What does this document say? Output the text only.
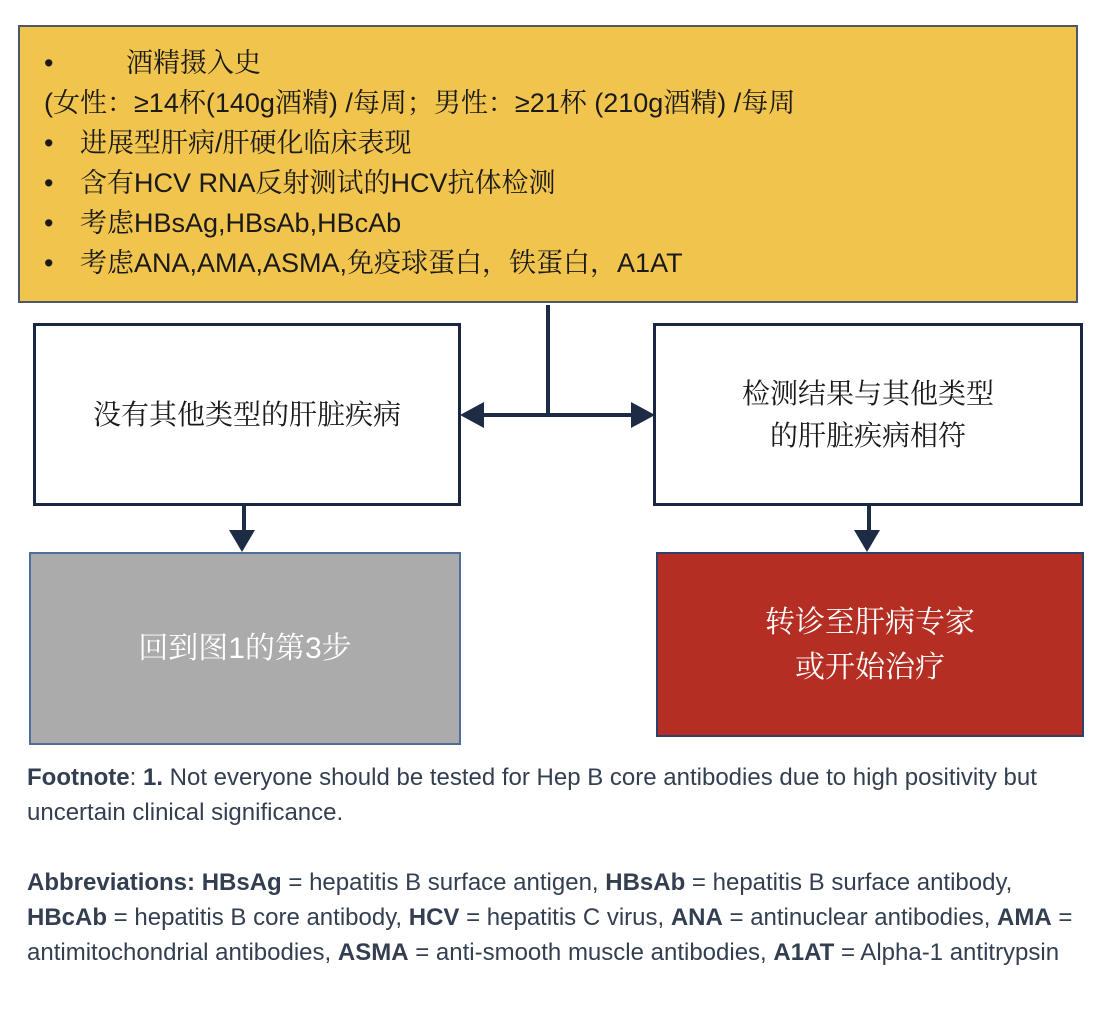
•	酒精摄入史
(女性：≥14杯(140g酒精) /每周；男性：≥21杯 (210g酒精) /每周
• 进展型肝病/肝硬化临床表现
• 含有HCV RNA反射测试的HCV抗体检测
• 考虑HBsAg,HBsAb,HBcAb
• 考虑ANA,AMA,ASMA,免疫球蛋白，铁蛋白，A1AT
没有其他类型的肝脏疾病
检测结果与其他类型
的肝脏疾病相符
回到图1的第3步
转诊至肝病专家
或开始治疗
Footnote: 1. Not everyone should be tested for Hep B core antibodies due to high positivity but uncertain clinical significance.
Abbreviations: HBsAg = hepatitis B surface antigen, HBsAb = hepatitis B surface antibody, HBcAb = hepatitis B core antibody, HCV = hepatitis C virus, ANA = antinuclear antibodies, AMA = antimitochondrial antibodies, ASMA = anti-smooth muscle antibodies, A1AT = Alpha-1 antitrypsin
